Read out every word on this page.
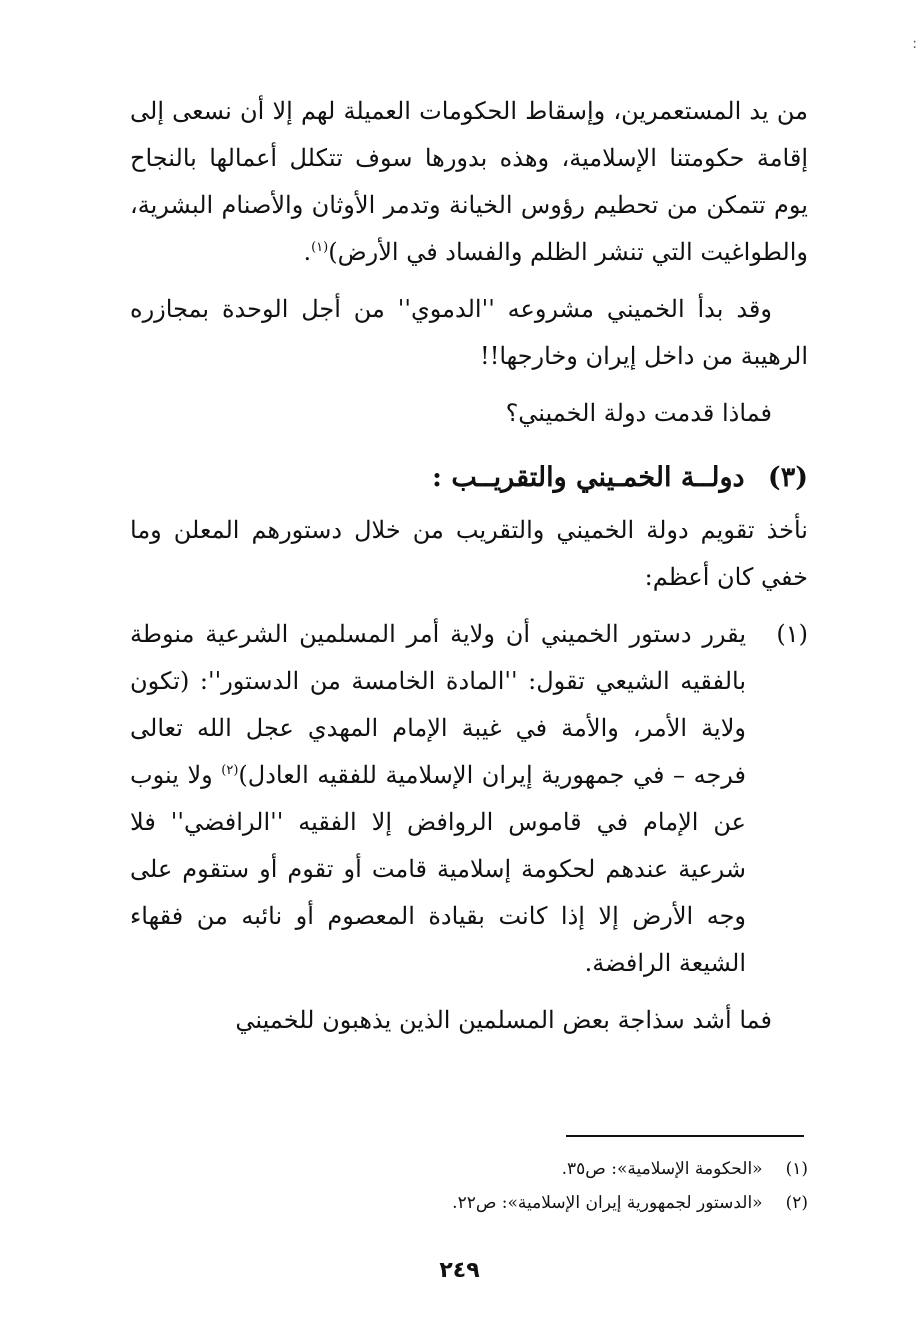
:

من يد المستعمرين، وإسقاط الحكومات العميلة لهم إلا أن نسعى إلى إقامة حكومتنا الإسلامية، وهذه بدورها سوف تتكلل أعمالها بالنجاح يوم تتمكن من تحطيم رؤوس الخيانة وتدمر الأوثان والأصنام البشرية، والطواغيت التي تنشر الظلم والفساد في الأرض)$^{(١)}$.

وقد بدأ الخميني مشروعه ''الدموي'' من أجل الوحدة بمجازره الرهيبة من داخل إيران وخارجها!!

فماذا قدمت دولة الخميني؟

(٣) دولــة الخمـيني والتقريــب :

نأخذ تقويم دولة الخميني والتقريب من خلال دستورهم المعلن وما خفي كان أعظم:

(١)
يقرر دستور الخميني أن ولاية أمر المسلمين الشرعية منوطة بالفقيه الشيعي تقول: ''المادة الخامسة من الدستور'': (تكون ولاية الأمر، والأمة في غيبة الإمام المهدي عجل الله تعالى فرجه – في جمهورية إيران الإسلامية للفقيه العادل)$^{(٢)}$ ولا ينوب عن الإمام في قاموس الروافض إلا الفقيه ''الرافضي'' فلا شرعية عندهم لحكومة إسلامية قامت أو تقوم أو ستقوم على وجه الأرض إلا إذا كانت بقيادة المعصوم أو نائبه من فقهاء الشيعة الرافضة.

فما أشد سذاجة بعض المسلمين الذين يذهبون للخميني

(١) «الحكومة الإسلامية»: ص٣٥.
(٢) «الدستور لجمهورية إيران الإسلامية»: ص٢٢.
٢٤٩
